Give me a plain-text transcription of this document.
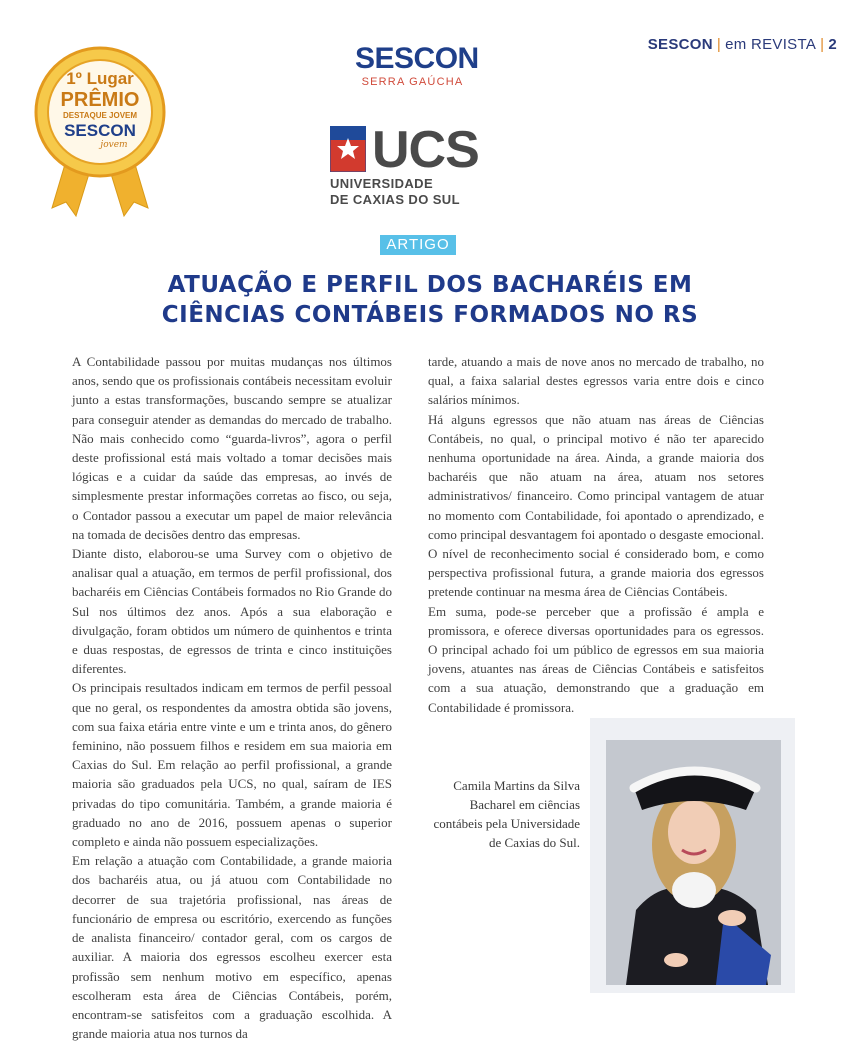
SESCON | em REVISTA | 2
1º Lugar
PRÊMIO
DESTAQUE JOVEM
SESCON
jovem
SESCON
SERRA GAÚCHA
UCS
UNIVERSIDADE
DE CAXIAS DO SUL
ARTIGO
ATUAÇÃO E PERFIL DOS BACHARÉIS EM
CIÊNCIAS CONTÁBEIS FORMADOS NO RS

A Contabilidade passou por muitas mudanças nos últimos anos, sendo que os profissionais contábeis necessitam evoluir junto a estas transformações, buscando sempre se atualizar para conseguir atender as demandas do mercado de trabalho. Não mais conhecido como “guarda-livros”, agora o perfil deste profissional está mais voltado a tomar decisões mais lógicas e a cuidar da saúde das empresas, ao invés de simplesmente prestar informações corretas ao fisco, ou seja, o Contador passou a executar um papel de maior relevância na tomada de decisões dentro das empresas.

Diante disto, elaborou-se uma Survey com o objetivo de analisar qual a atuação, em termos de perfil profissional, dos bacharéis em Ciências Contábeis formados no Rio Grande do Sul nos últimos dez anos. Após a sua elaboração e divulgação, foram obtidos um número de quinhentos e trinta e duas respostas, de egressos de trinta e cinco instituições diferentes.

Os principais resultados indicam em termos de perfil pessoal que no geral, os respondentes da amostra obtida são jovens, com sua faixa etária entre vinte e um e trinta anos, do gênero feminino, não possuem filhos e residem em sua maioria em Caxias do Sul. Em relação ao perfil profissional, a grande maioria são graduados pela UCS, no qual, saíram de IES privadas do tipo comunitária. Também, a grande maioria é graduado no ano de 2016, possuem apenas o superior completo e ainda não possuem especializações.

Em relação a atuação com Contabilidade, a grande maioria dos bacharéis atua, ou já atuou com Contabilidade no decorrer de sua trajetória profissional, nas áreas de funcionário de empresa ou escritório, exercendo as funções de analista financeiro/ contador geral, com os cargos de auxiliar. A maioria dos egressos escolheu exercer esta profissão sem nenhum motivo em específico, apenas escolheram esta área de Ciências Contábeis, porém, encontram-se satisfeitos com a graduação escolhida. A grande maioria atua nos turnos da

tarde, atuando a mais de nove anos no mercado de trabalho, no qual, a faixa salarial destes egressos varia entre dois e cinco salários mínimos.

Há alguns egressos que não atuam nas áreas de Ciências Contábeis, no qual, o principal motivo é não ter aparecido nenhuma oportunidade na área. Ainda, a grande maioria dos bacharéis que não atuam na área, atuam nos setores administrativos/ financeiro. Como principal vantagem de atuar no momento com Contabilidade, foi apontado o aprendizado, e como principal desvantagem foi apontado o desgaste emocional. O nível de reconhecimento social é considerado bom, e como perspectiva profissional futura, a grande maioria dos egressos pretende continuar na mesma área de Ciências Contábeis.

Em suma, pode-se perceber que a profissão é ampla e promissora, e oferece diversas oportunidades para os egressos. O principal achado foi um público de egressos em sua maioria jovens, atuantes nas áreas de Ciências Contábeis e satisfeitos com a sua atuação, demonstrando que a graduação em Contabilidade é promissora.

Camila Martins da Silva
Bacharel em ciências
contábeis pela Universidade
de Caxias do Sul.
